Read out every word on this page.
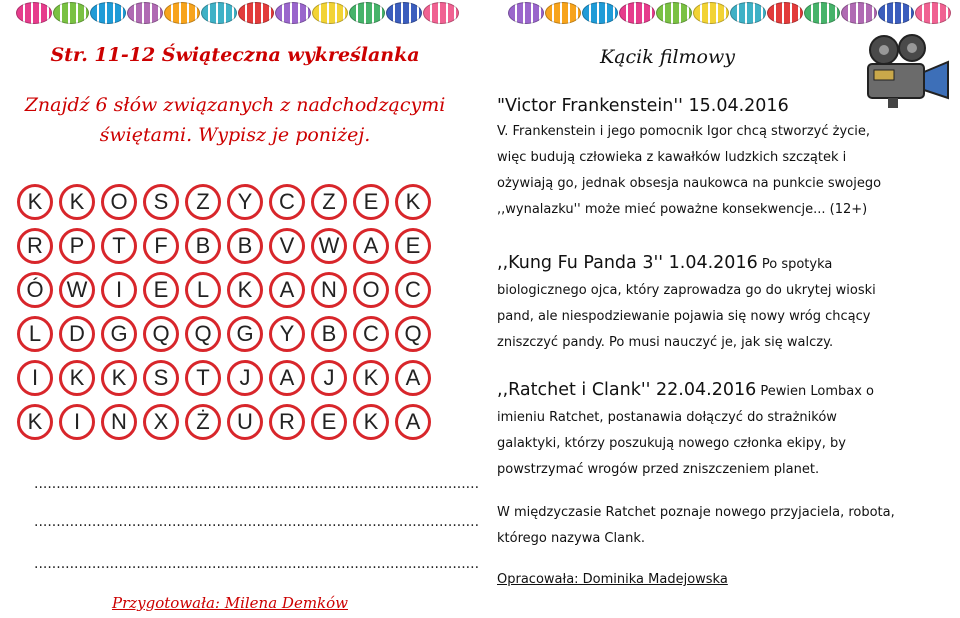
Str. 11-12 Świąteczna wykreślanka
Znajdź 6 słów związanych z nadchodzącymi
świętami. Wypisz je poniżej.
K	K	O	S	Z	Y	C	Z	E	K
R	P	T	F	B	B	V	W	A	E
Ó	W	I	E	L	K	A	N	O	C
L	D	G	Q	Q	G	Y	B	C	Q
I	K	K	S	T	J	A	J	K	A
K	I	N	X	Ż	U	R	E	K	A
....................................................................................................
....................................................................................................
....................................................................................................
Przygotowała: Milena Demków
Kącik filmowy
"Victor Frankenstein'' 15.04.2016
V. Frankenstein i jego pomocnik Igor chcą stworzyć życie,
więc budują człowieka z kawałków ludzkich szczątek i
ożywiają go, jednak obsesja naukowca na punkcie swojego
,,wynalazku'' może mieć poważne konsekwencje... (12+)
,,Kung Fu Panda 3'' 1.04.2016 Po spotyka
biologicznego ojca, który zaprowadza go do ukrytej wioski
pand, ale niespodziewanie pojawia się nowy wróg chcący
zniszczyć pandy. Po musi nauczyć je, jak się walczy.
,,Ratchet i Clank'' 22.04.2016 Pewien Lombax o
imieniu Ratchet, postanawia dołączyć do strażników
galaktyki, którzy poszukują nowego członka ekipy, by
powstrzymać wrogów przed zniszczeniem planet.
W międzyczasie Ratchet poznaje nowego przyjaciela, robota,
którego nazywa Clank.
Opracowała: Dominika Madejowska
